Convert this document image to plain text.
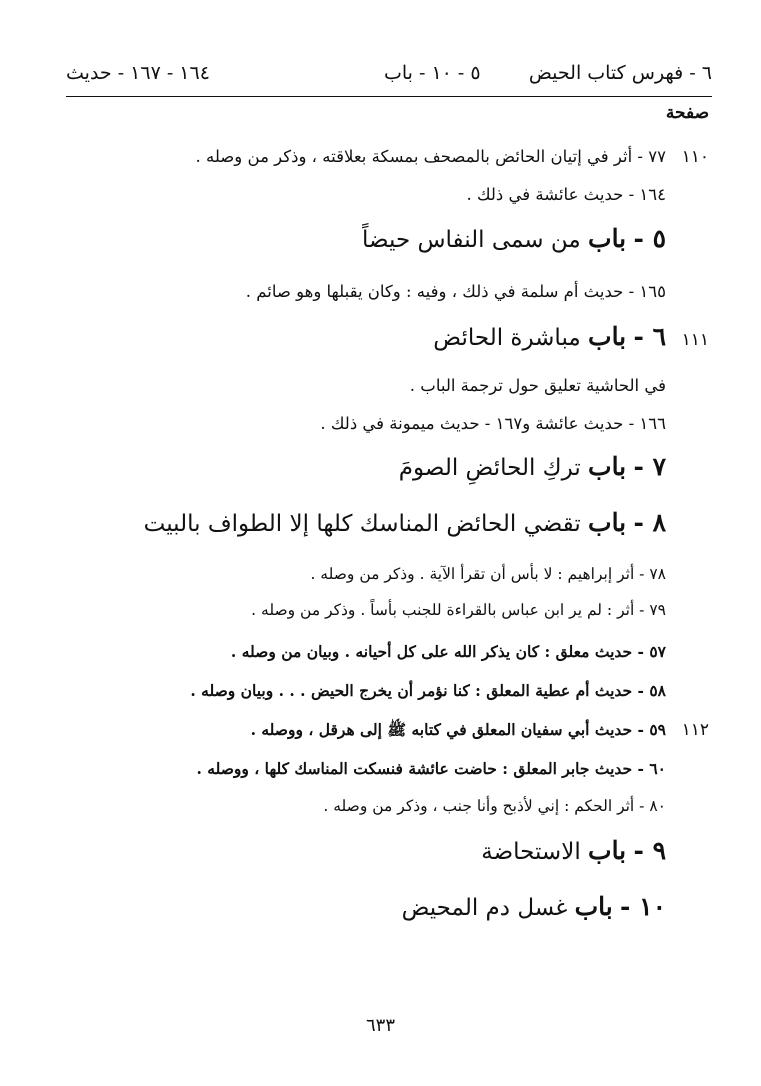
٦ - فهرس كتاب الحيض
٥ - ١٠ - باب
١٦٤ - ١٦٧ - حديث
صفحة
١١٠
٧٧ - أثر في إتيان الحائض بالمصحف بمسكة بعلاقته ، وذكر من وصله .
١٦٤ - حديث عائشة في ذلك .
٥ - باب من سمى النفاس حيضاً
١٦٥ - حديث أم سلمة في ذلك ، وفيه : وكان يقبلها وهو صائم .
١١١
٦ - باب مباشرة الحائض
في الحاشية تعليق حول ترجمة الباب .
١٦٦ - حديث عائشة و١٦٧ - حديث ميمونة في ذلك .
٧ - باب تركِ الحائضِ الصومَ
٨ - باب تقضي الحائض المناسك كلها إلا الطواف بالبيت
٧٨ - أثر إبراهيم : لا بأس أن تقرأ الآية . وذكر من وصله .
٧٩ - أثر : لم ير ابن عباس بالقراءة للجنب بأساً . وذكر من وصله .
٥٧ - حديث معلق : كان يذكر الله على كل أحيانه . وبيان من وصله .
٥٨ - حديث أم عطية المعلق : كنا نؤمر أن يخرج الحيض . . . وبيان وصله .
١١٢
٥٩ - حديث أبي سفيان المعلق في كتابه ﷺ إلى هرقل ، ووصله .
٦٠ - حديث جابر المعلق : حاضت عائشة فنسكت المناسك كلها ، ووصله .
٨٠ - أثر الحكم : إني لأذبح وأنا جنب ، وذكر من وصله .
٩ - باب الاستحاضة
١٠ - باب غسل دم المحيض
٦٣٣
